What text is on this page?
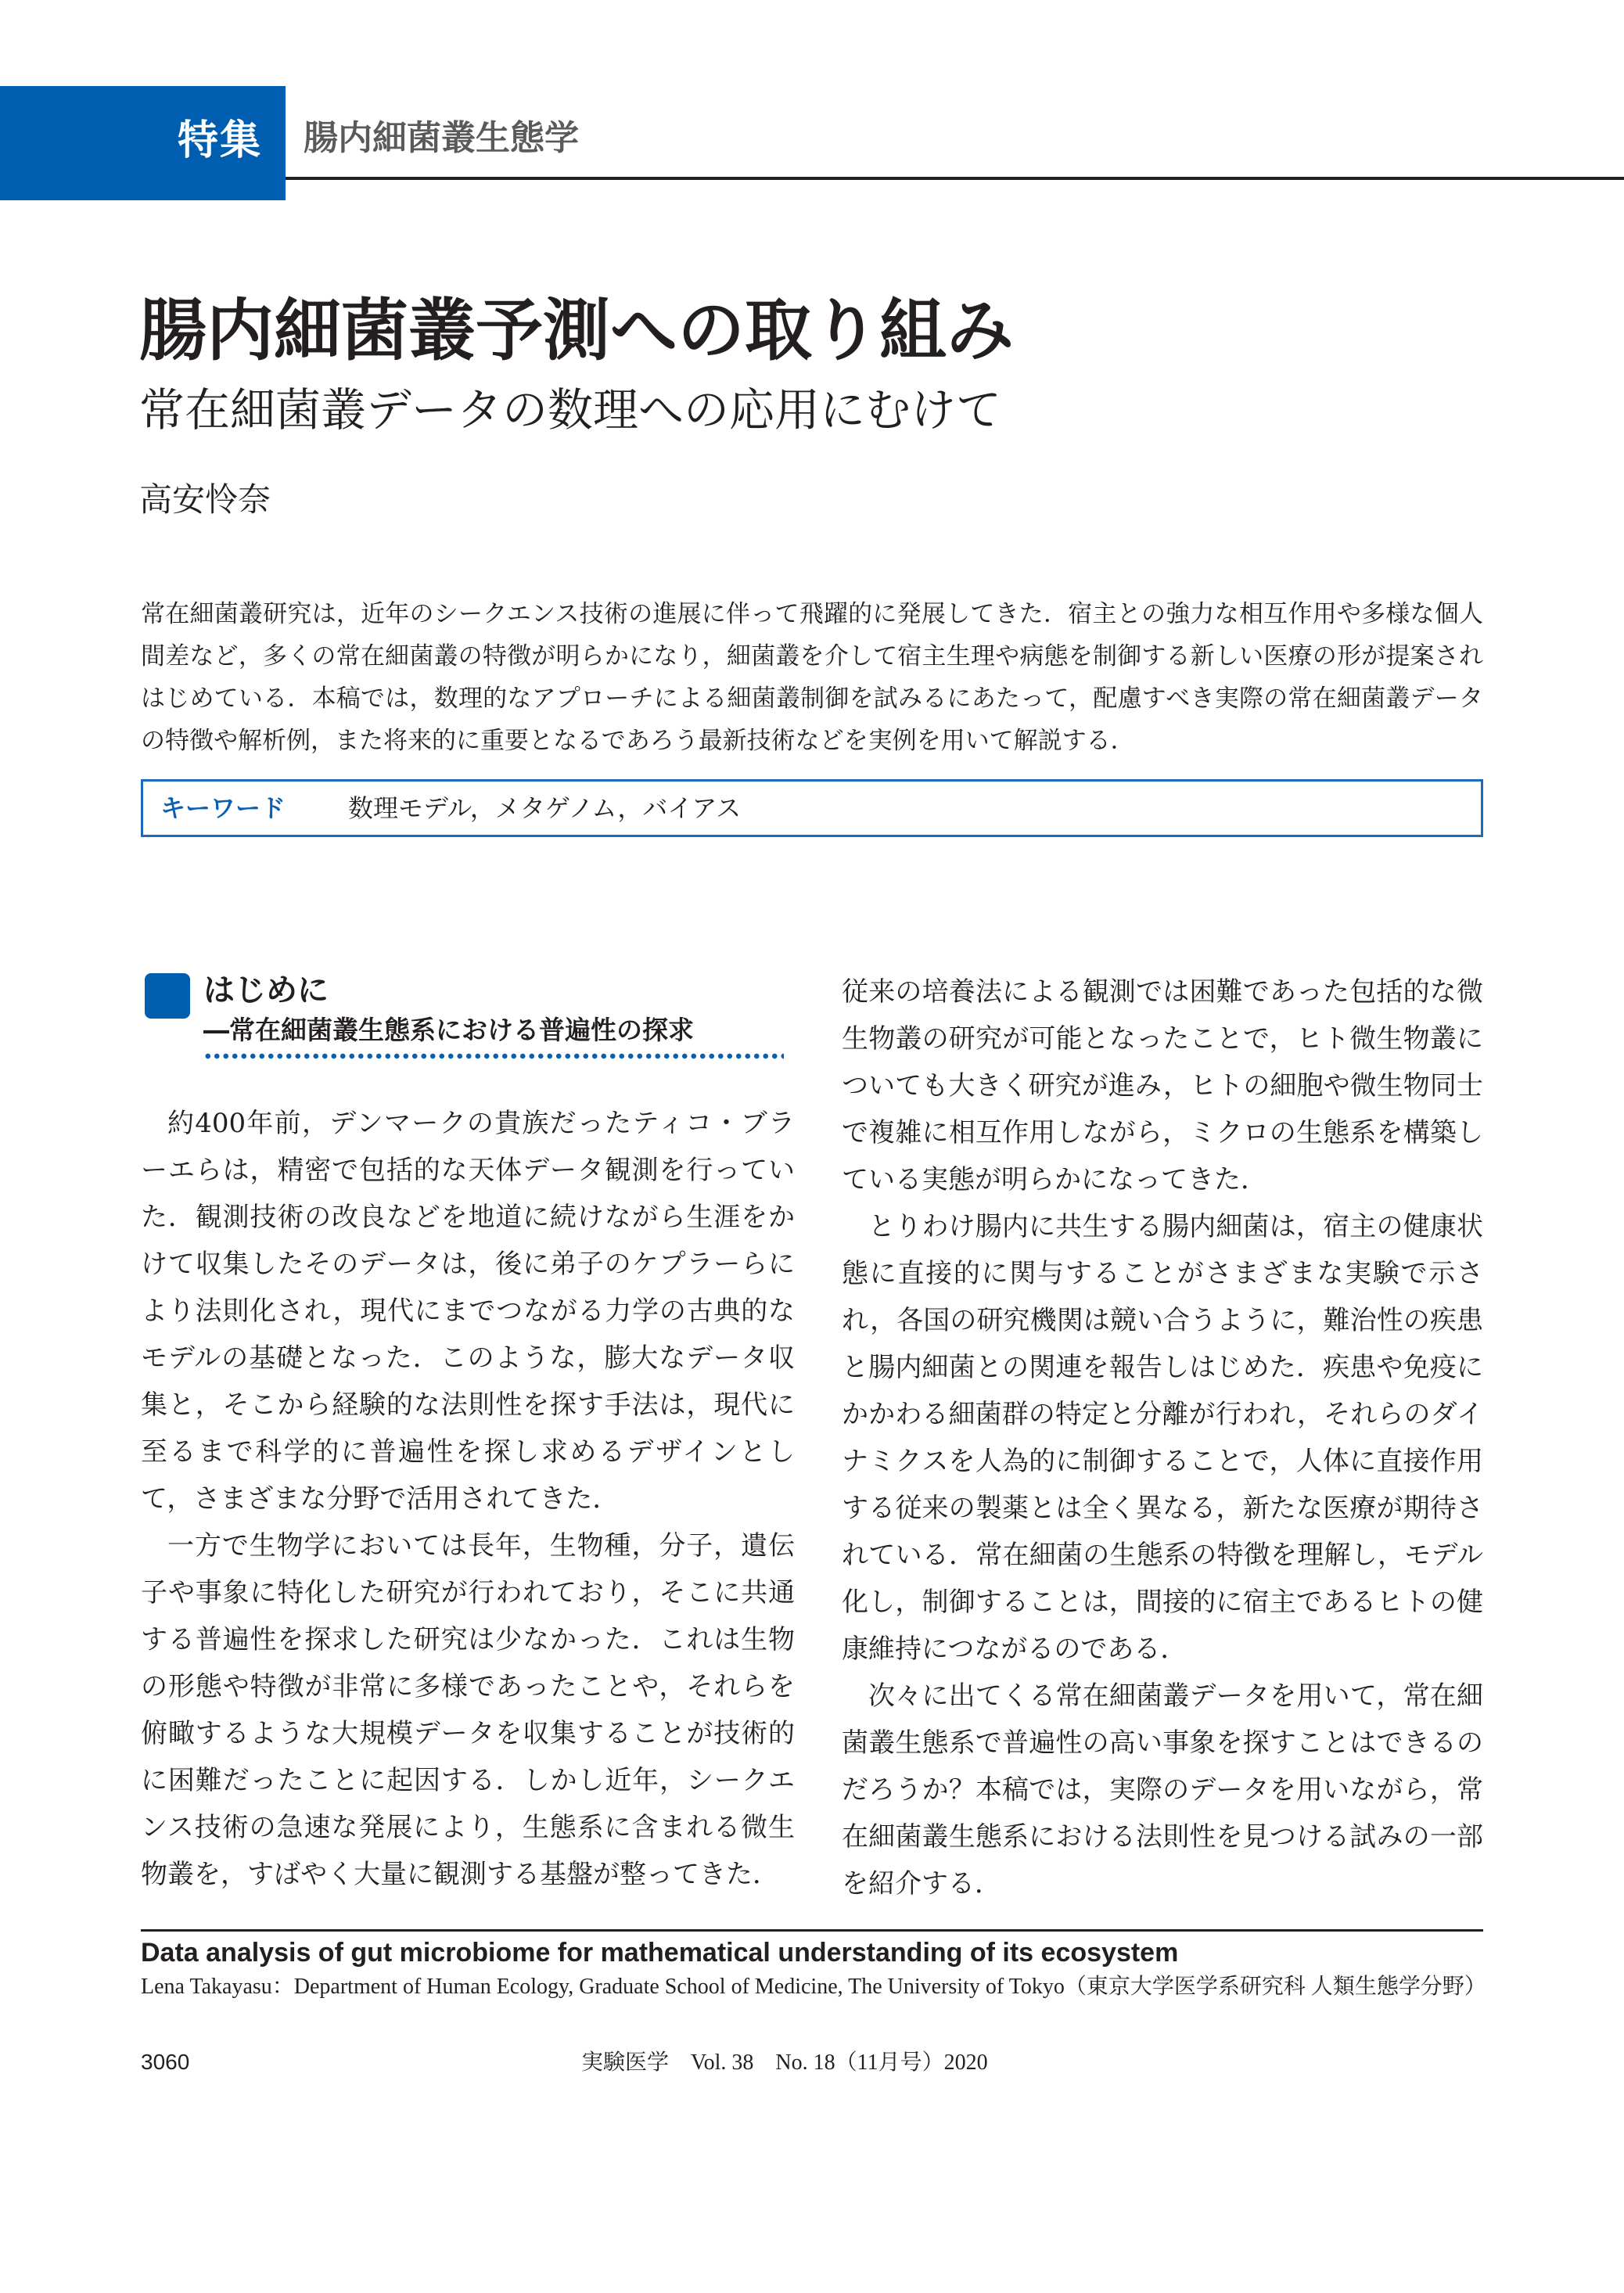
特集 腸内細菌叢生態学
腸内細菌叢予測への取り組み
常在細菌叢データの数理への応用にむけて
高安怜奈
常在細菌叢研究は，近年のシークエンス技術の進展に伴って飛躍的に発展してきた．宿主との強力な相互作用や多様な個人間差など，多くの常在細菌叢の特徴が明らかになり，細菌叢を介して宿主生理や病態を制御する新しい医療の形が提案されはじめている．本稿では，数理的なアプローチによる細菌叢制御を試みるにあたって，配慮すべき実際の常在細菌叢データの特徴や解析例，また将来的に重要となるであろう最新技術などを実例を用いて解説する．
キーワード	数理モデル，メタゲノム，バイアス
はじめに
―常在細菌叢生態系における普遍性の探求

約400年前，デンマークの貴族だったティコ・ブラーエらは，精密で包括的な天体データ観測を行っていた．観測技術の改良などを地道に続けながら生涯をかけて収集したそのデータは，後に弟子のケプラーらにより法則化され，現代にまでつながる力学の古典的なモデルの基礎となった．このような，膨大なデータ収集と，そこから経験的な法則性を探す手法は，現代に至るまで科学的に普遍性を探し求めるデザインとして，さまざまな分野で活用されてきた．

一方で生物学においては長年，生物種，分子，遺伝子や事象に特化した研究が行われており，そこに共通する普遍性を探求した研究は少なかった．これは生物の形態や特徴が非常に多様であったことや，それらを俯瞰するような大規模データを収集することが技術的に困難だったことに起因する．しかし近年，シークエンス技術の急速な発展により，生態系に含まれる微生物叢を，すばやく大量に観測する基盤が整ってきた．

従来の培養法による観測では困難であった包括的な微生物叢の研究が可能となったことで，ヒト微生物叢についても大きく研究が進み，ヒトの細胞や微生物同士で複雑に相互作用しながら，ミクロの生態系を構築している実態が明らかになってきた．

とりわけ腸内に共生する腸内細菌は，宿主の健康状態に直接的に関与することがさまざまな実験で示され，各国の研究機関は競い合うように，難治性の疾患と腸内細菌との関連を報告しはじめた．疾患や免疫にかかわる細菌群の特定と分離が行われ，それらのダイナミクスを人為的に制御することで，人体に直接作用する従来の製薬とは全く異なる，新たな医療が期待されている．常在細菌の生態系の特徴を理解し，モデル化し，制御することは，間接的に宿主であるヒトの健康維持につながるのである．

次々に出てくる常在細菌叢データを用いて，常在細菌叢生態系で普遍性の高い事象を探すことはできるのだろうか？本稿では，実際のデータを用いながら，常在細菌叢生態系における法則性を見つける試みの一部を紹介する．

Data analysis of gut microbiome for mathematical understanding of its ecosystem
Lena Takayasu：Department of Human Ecology, Graduate School of Medicine, The University of Tokyo（東京大学医学系研究科 人類生態学分野）
3060	実験医学　Vol. 38　No. 18（11月号）2020
